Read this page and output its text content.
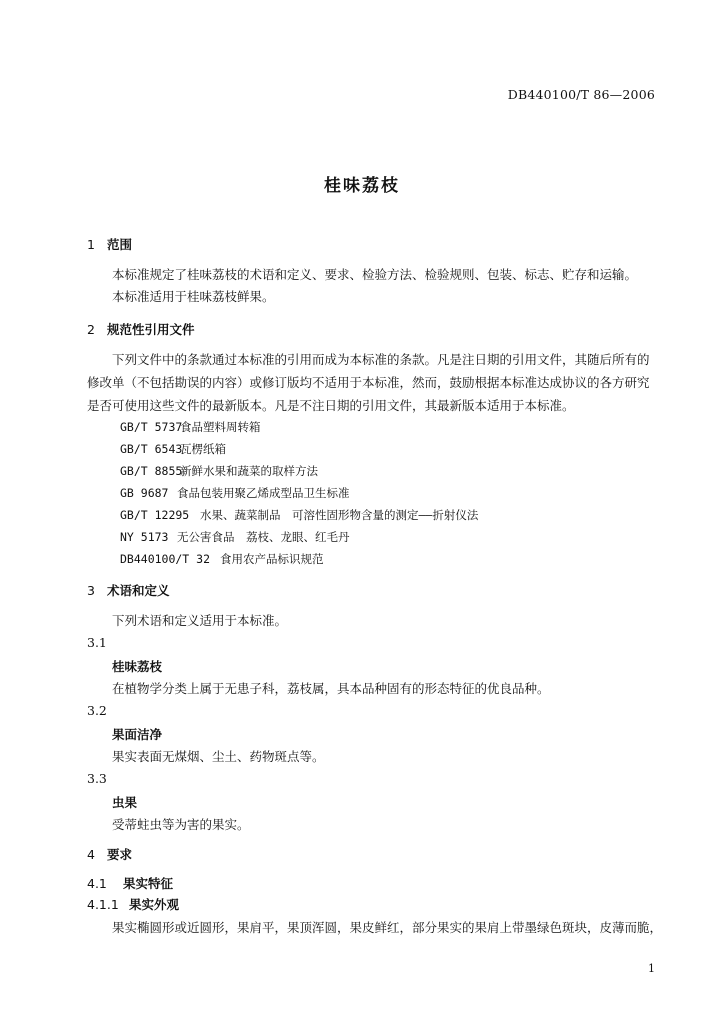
DB440100/T 86—2006
桂味荔枝
1 范围
本标准规定了桂味荔枝的术语和定义、要求、检验方法、检验规则、包装、标志、贮存和运输。
本标准适用于桂味荔枝鲜果。
2 规范性引用文件
下列文件中的条款通过本标准的引用而成为本标准的条款。凡是注日期的引用文件，其随后所有的
修改单（不包括勘误的内容）或修订版均不适用于本标准，然而，鼓励根据本标准达成协议的各方研究
是否可使用这些文件的最新版本。凡是不注日期的引用文件，其最新版本适用于本标准。
GB/T 5737食品塑料周转箱
GB/T 6543瓦楞纸箱
GB/T 8855新鲜水果和蔬菜的取样方法
GB 9687 食品包装用聚乙烯成型品卫生标准
GB/T 12295 水果、蔬菜制品　可溶性固形物含量的测定——折射仪法
NY 5173 无公害食品　荔枝、龙眼、红毛丹
DB440100/T 32 食用农产品标识规范
3 术语和定义
下列术语和定义适用于本标准。
3.1
桂味荔枝
在植物学分类上属于无患子科，荔枝属，具本品种固有的形态特征的优良品种。
3.2
果面洁净
果实表面无煤烟、尘土、药物斑点等。
3.3
虫果
受蒂蛀虫等为害的果实。
4 要求
4.1 果实特征
4.1.1 果实外观
果实椭圆形或近圆形，果肩平，果顶浑圆，果皮鲜红，部分果实的果肩上带墨绿色斑块，皮薄而脆，
1
